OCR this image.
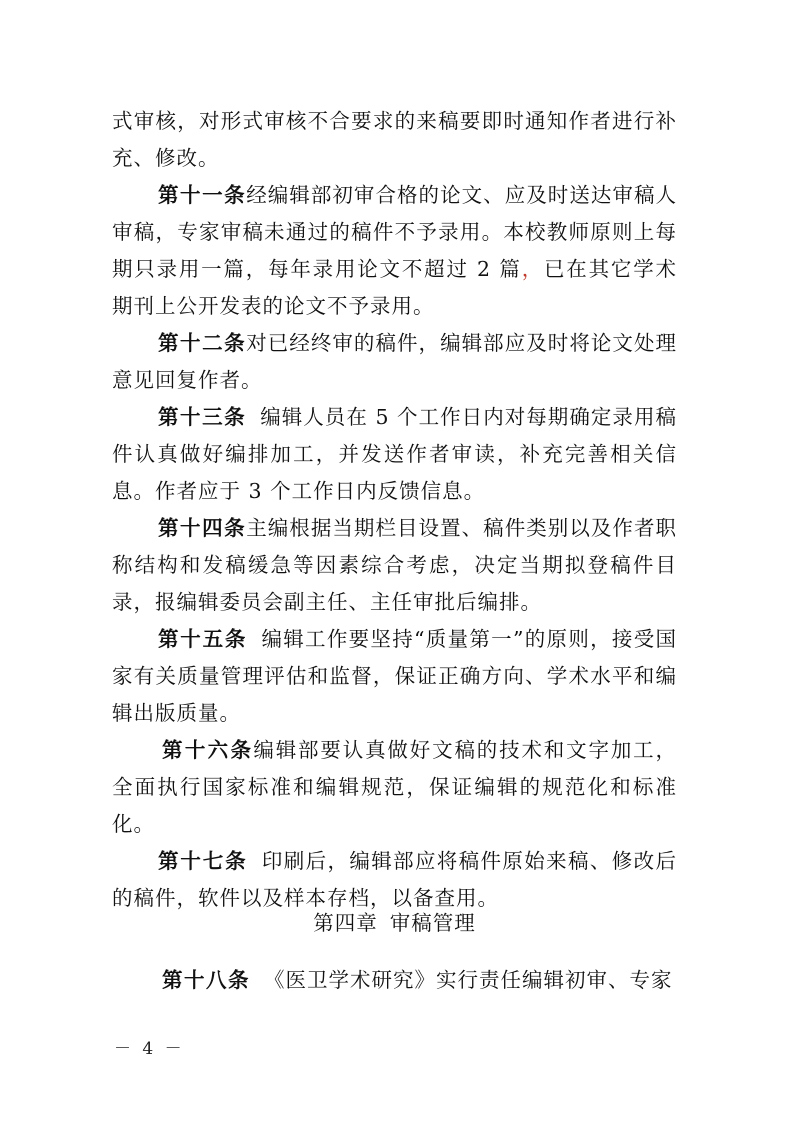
式审核，对形式审核不合要求的来稿要即时通知作者进行补充、修改。

第十一条经编辑部初审合格的论文、应及时送达审稿人审稿，专家审稿未通过的稿件不予录用。本校教师原则上每期只录用一篇，每年录用论文不超过 2 篇，已在其它学术期刊上公开发表的论文不予录用。

第十二条对已经终审的稿件，编辑部应及时将论文处理意见回复作者。

第十三条 编辑人员在 5 个工作日内对每期确定录用稿件认真做好编排加工，并发送作者审读，补充完善相关信息。作者应于 3 个工作日内反馈信息。

第十四条主编根据当期栏目设置、稿件类别以及作者职称结构和发稿缓急等因素综合考虑，决定当期拟登稿件目录，报编辑委员会副主任、主任审批后编排。

第十五条 编辑工作要坚持“质量第一”的原则，接受国家有关质量管理评估和监督，保证正确方向、学术水平和编辑出版质量。

第十六条编辑部要认真做好文稿的技术和文字加工，全面执行国家标准和编辑规范，保证编辑的规范化和标准化。

第十七条 印刷后，编辑部应将稿件原始来稿、修改后的稿件，软件以及样本存档，以备查用。

第四章 审稿管理

第十八条 《医卫学术研究》实行责任编辑初审、专家

－ 4 －
